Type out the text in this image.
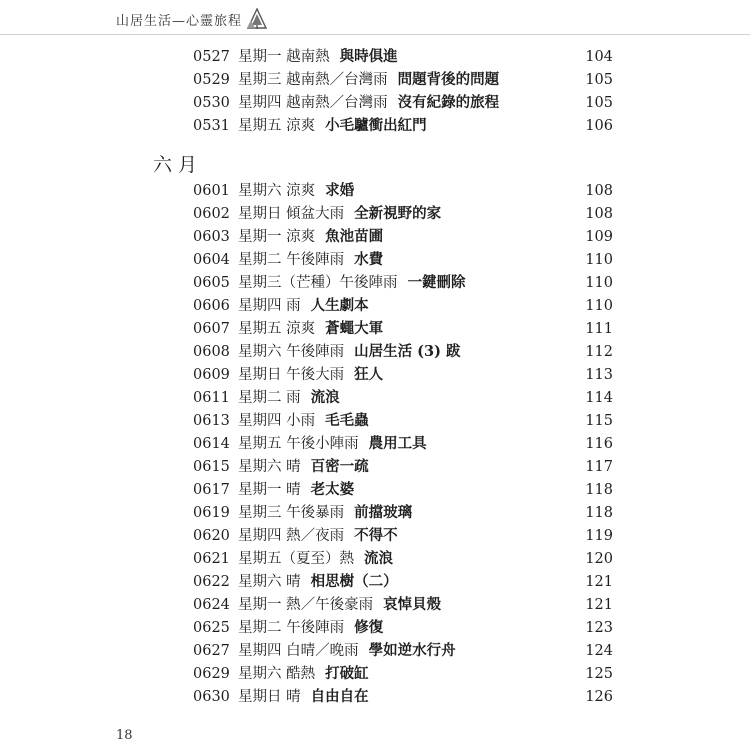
山居生活—心靈旅程
0527 星期一 越南熱 與時俱進	104
0529 星期三 越南熱／台灣雨 問題背後的問題	105
0530 星期四 越南熱／台灣雨 沒有紀錄的旅程	105
0531 星期五 涼爽 小毛驢衝出紅門	106
六月
0601 星期六 涼爽 求婚	108
0602 星期日 傾盆大雨 全新視野的家	108
0603 星期一 涼爽 魚池苗圃	109
0604 星期二 午後陣雨 水費	110
0605 星期三（芒種）午後陣雨 一鍵刪除	110
0606 星期四 雨 人生劇本	110
0607 星期五 涼爽 蒼蠅大軍	111
0608 星期六 午後陣雨 山居生活 (3) 跋	112
0609 星期日 午後大雨 狂人	113
0611 星期二 雨 流浪	114
0613 星期四 小雨 毛毛蟲	115
0614 星期五 午後小陣雨 農用工具	116
0615 星期六 晴 百密一疏	117
0617 星期一 晴 老太婆	118
0619 星期三 午後暴雨 前擋玻璃	118
0620 星期四 熱／夜雨 不得不	119
0621 星期五（夏至）熱 流浪	120
0622 星期六 晴 相思樹（二）	121
0624 星期一 熱／午後豪雨 哀悼貝殼	121
0625 星期二 午後陣雨 修復	123
0627 星期四 白晴／晚雨 學如逆水行舟	124
0629 星期六 酷熱 打破缸	125
0630 星期日 晴 自由自在	126
18
